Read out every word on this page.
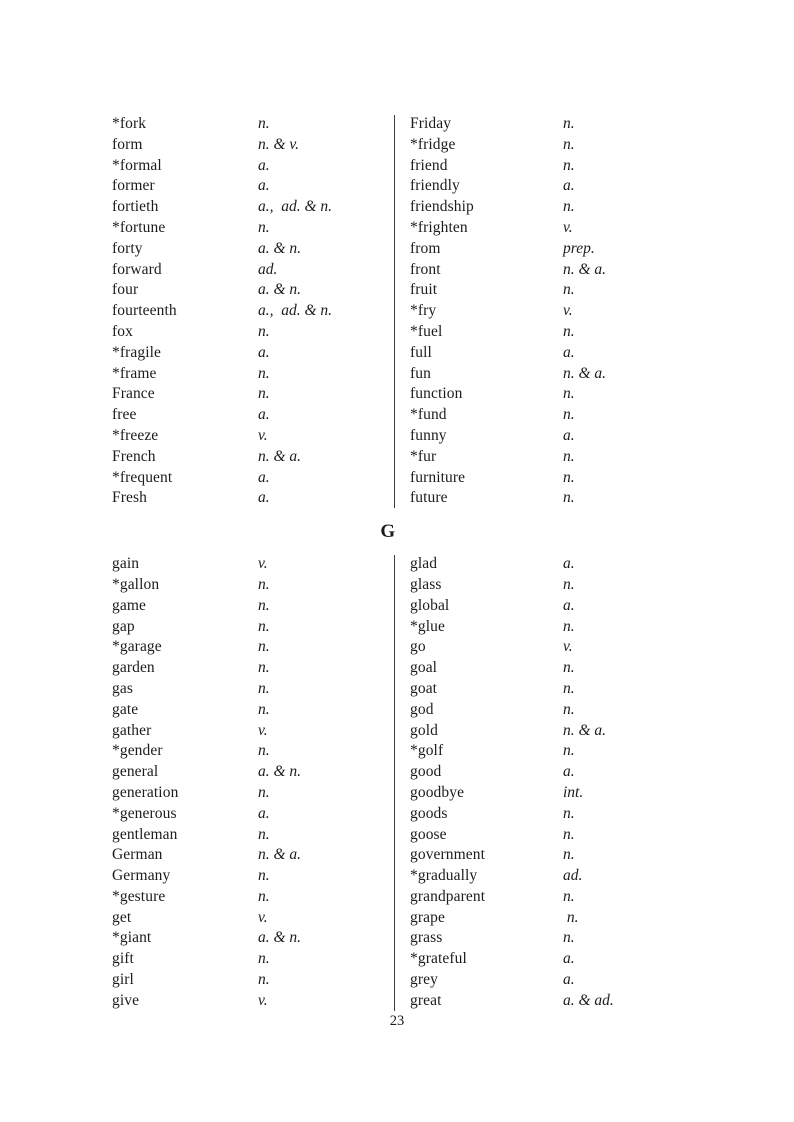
*fork	n.
form	n. & v.
*formal	a.
former	a.
fortieth	a.,  ad. & n.
*fortune	n.
forty	a. & n.
forward	ad.
four	a. & n.
fourteenth	a.,  ad. & n.
fox	n.
*fragile	a.
*frame	n.
France	n.
free	a.
*freeze	v.
French	n. & a.
*frequent	a.
Fresh	a.
Friday	n.
*fridge	n.
friend	n.
friendly	a.
friendship	n.
*frighten	v.
from	prep.
front	n. & a.
fruit	n.
*fry	v.
*fuel	n.
full	a.
fun	n. & a.
function	n.
*fund	n.
funny	a.
*fur	n.
furniture	n.
future	n.
G
gain	v.
*gallon	n.
game	n.
gap	n.
*garage	n.
garden	n.
gas	n.
gate	n.
gather	v.
*gender	n.
general	a. & n.
generation	n.
*generous	a.
gentleman	n.
German	n. & a.
Germany	n.
*gesture	n.
get	v.
*giant	a. & n.
gift	n.
girl	n.
give	v.
glad	a.
glass	n.
global	a.
*glue	n.
go	v.
goal	n.
goat	n.
god	n.
gold	n. & a.
*golf	n.
good	a.
goodbye	int.
goods	n.
goose	n.
government	n.
*gradually	ad.
grandparent	n.
grape	n.
grass	n.
*grateful	a.
grey	a.
great	a. & ad.
23
